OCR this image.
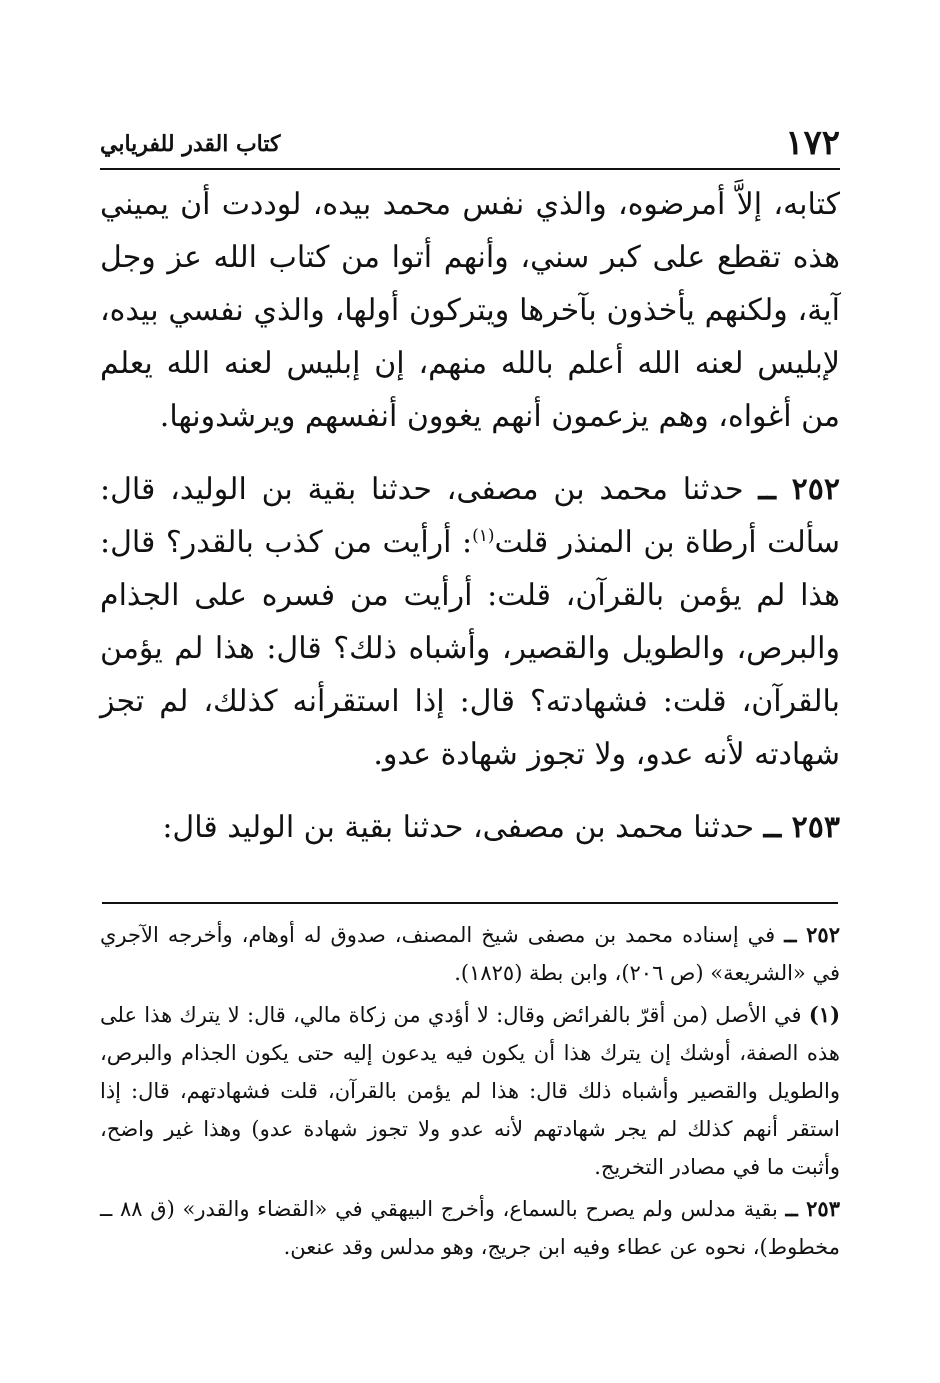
١٧٢
كتاب القدر للفريابي

كتابه، إلاَّ أمرضوه، والذي نفس محمد بيده، لوددت أن يميني هذه تقطع على كبر سني، وأنهم أتوا من كتاب الله عز وجل آية، ولكنهم يأخذون بآخرها ويتركون أولها، والذي نفسي بيده، لإبليس لعنه الله أعلم بالله منهم، إن إبليس لعنه الله يعلم من أغواه، وهم يزعمون أنهم يغوون أنفسهم ويرشدونها.

٢٥٢ ــ حدثنا محمد بن مصفى، حدثنا بقية بن الوليد، قال: سألت أرطاة بن المنذر قلت$^{(١)}$: أرأيت من كذب بالقدر؟ قال: هذا لم يؤمن بالقرآن، قلت: أرأيت من فسره على الجذام والبرص، والطويل والقصير، وأشباه ذلك؟ قال: هذا لم يؤمن بالقرآن، قلت: فشهادته؟ قال: إذا استقرأنه كذلك، لم تجز شهادته لأنه عدو، ولا تجوز شهادة عدو.

٢٥٣ ــ حدثنا محمد بن مصفى، حدثنا بقية بن الوليد قال:

٢٥٢ ــ في إسناده محمد بن مصفى شيخ المصنف، صدوق له أوهام، وأخرجه الآجري في «الشريعة» (ص ٢٠٦)، وابن بطة (١٨٢٥).

(١) في الأصل (من أقرّ بالفرائض وقال: لا أؤدي من زكاة مالي، قال: لا يترك هذا على هذه الصفة، أوشك إن يترك هذا أن يكون فيه يدعون إليه حتى يكون الجذام والبرص، والطويل والقصير وأشباه ذلك قال: هذا لم يؤمن بالقرآن، قلت فشهادتهم، قال: إذا استقر أنهم كذلك لم يجر شهادتهم لأنه عدو ولا تجوز شهادة عدو) وهذا غير واضح، وأثبت ما في مصادر التخريج.

٢٥٣ ــ بقية مدلس ولم يصرح بالسماع، وأخرج البيهقي في «القضاء والقدر» (ق ٨٨ ــ مخطوط)، نحوه عن عطاء وفيه ابن جريج، وهو مدلس وقد عنعن.
